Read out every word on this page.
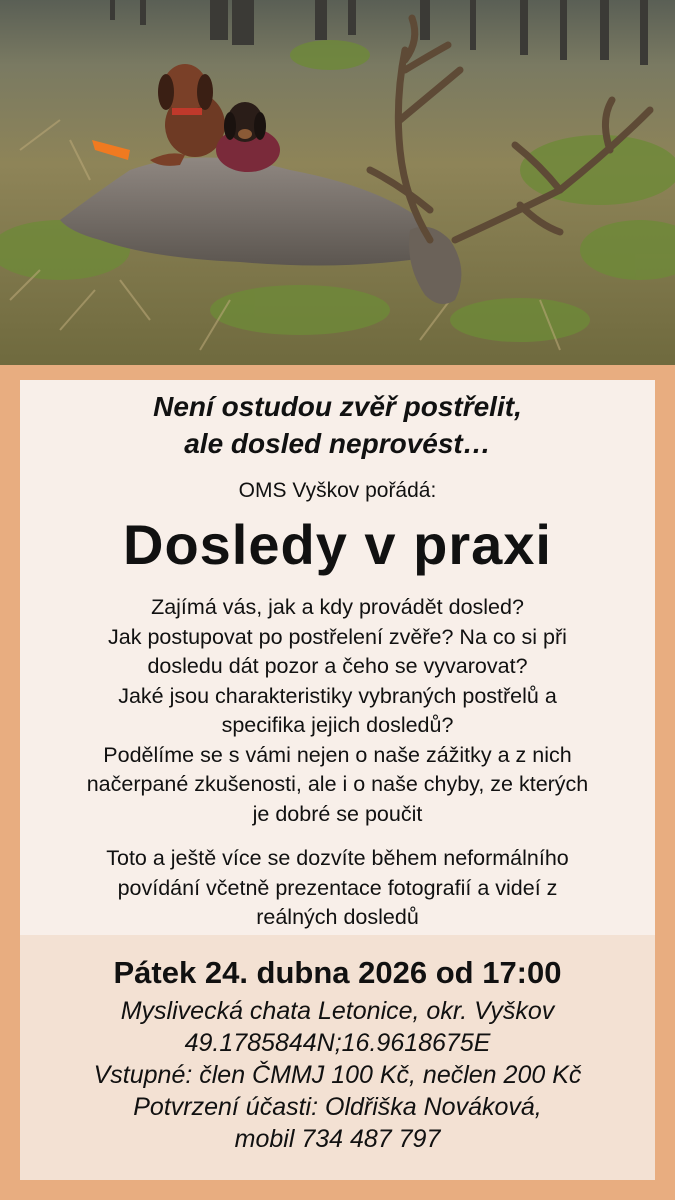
Není ostudou zvěř postřelit,
ale dosled neprovést…
OMS Vyškov pořádá:
Dosledy v praxi
Zajímá vás, jak a kdy provádět dosled?
Jak postupovat po postřelení zvěře? Na co si při
dosledu dát pozor a čeho se vyvarovat?
Jaké jsou charakteristiky vybraných postřelů a
specifika jejich dosledů?
Podělíme se s vámi nejen o naše zážitky a z nich
načerpané zkušenosti, ale i o naše chyby, ze kterých
je dobré se poučit
Toto a ještě více se dozvíte během neformálního
povídání včetně prezentace fotografií a videí z
reálných dosledů
Pátek 24. dubna 2026 od 17:00
Myslivecká chata Letonice, okr. Vyškov
49.1785844N;16.9618675E
Vstupné: člen ČMMJ 100 Kč, nečlen 200 Kč
Potvrzení účasti: Oldřiška Nováková,
mobil 734 487 797
